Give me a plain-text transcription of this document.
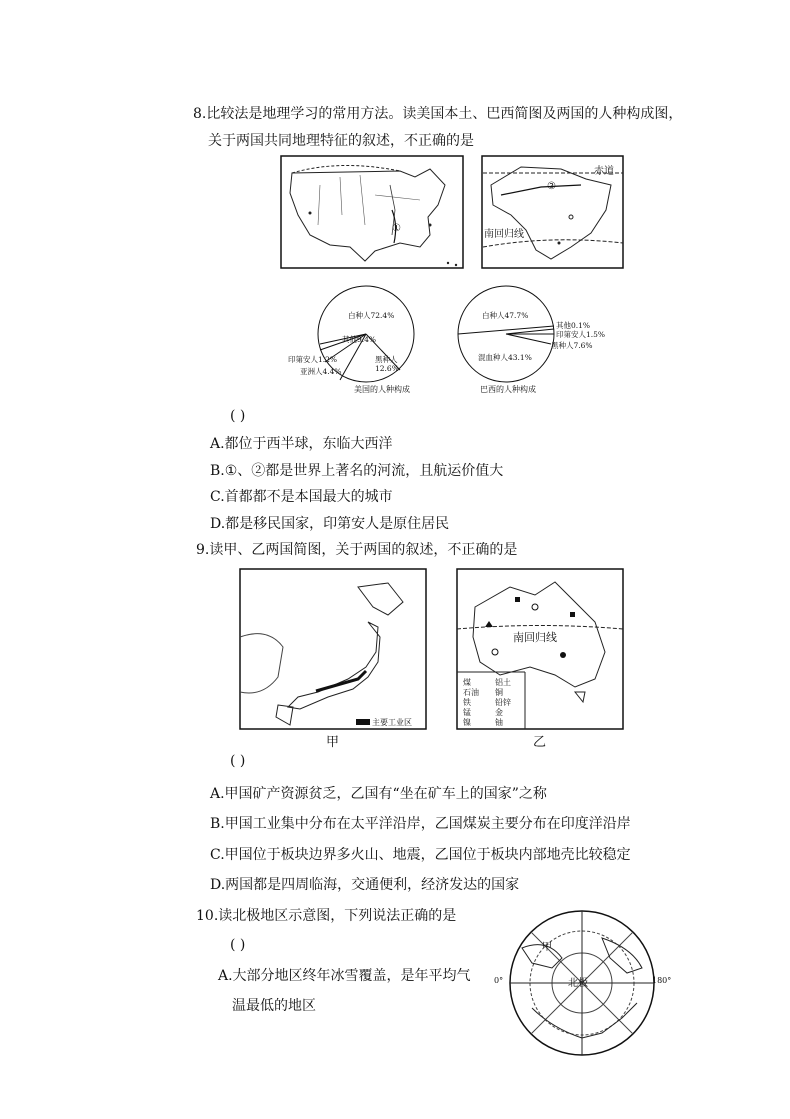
8.比较法是地理学习的常用方法。读美国本土、巴西简图及两国的人种构成图，
关于两国共同地理特征的叙述，不正确的是
①
赤道
②
南回归线
白种人72.4%
其他9.4%
印第安人1.2%
亚洲人4.4%
黑种人
12.6%
美国的人种构成
白种人47.7%
其他0.1%
印第安人1.5%
黑种人7.6%
混血种人43.1%
巴西的人种构成
( )
A.都位于西半球，东临大西洋
B.①、②都是世界上著名的河流，且航运价值大
C.首都都不是本国最大的城市
D.都是移民国家，印第安人是原住居民
9.读甲、乙两国简图，关于两国的叙述，不正确的是
主要工业区
甲
南回归线
煤	铝土
石油 铜
铁	铅锌
锰	金
镍	铀
乙
( )
A.甲国矿产资源贫乏，乙国有“坐在矿车上的国家”之称
B.甲国工业集中分布在太平洋沿岸，乙国煤炭主要分布在印度洋沿岸
C.甲国位于板块边界多火山、地震，乙国位于板块内部地壳比较稳定
D.两国都是四周临海，交通便利，经济发达的国家
10.读北极地区示意图，下列说法正确的是
( )
A.大部分地区终年冰雪覆盖，是年平均气
温最低的地区
北极
0°	180°
甲
